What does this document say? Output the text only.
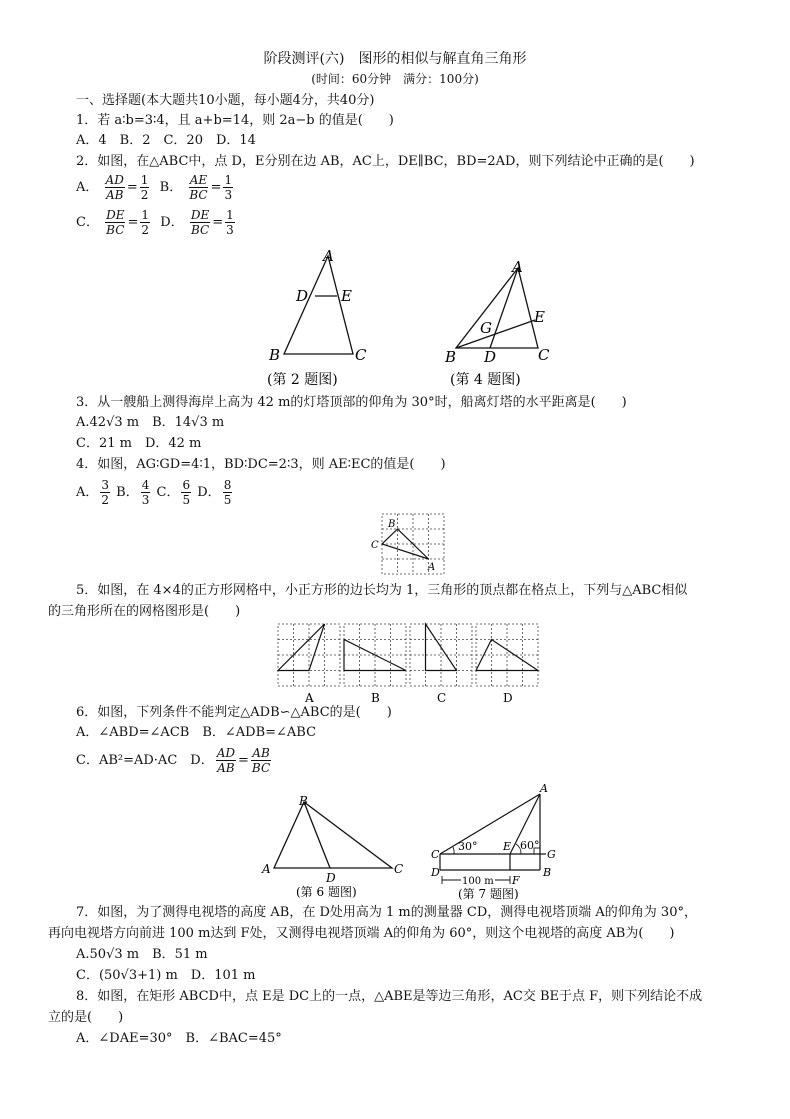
阶段测评(六)　图形的相似与解直角三角形
(时间：60分钟　满分：100分)
一、选择题(本大题共10小题，每小题4分，共40分)
1．若 a∶b=3∶4，且 a+b=14，则 2a−b 的值是(　　)
A．4　B．2　C．20　D．14
2．如图，在△ABC中，点 D，E分别在边 AB，AC上，DE∥BC，BD=2AD，则下列结论中正确的是(　　)
A． $\frac{AD}{AB} = \frac{1}{2}$ B． $\frac{AE}{BC} = \frac{1}{3}$
C． $\frac{DE}{BC} = \frac{1}{2}$ D． $\frac{DE}{BC} = \frac{1}{3}$
A
D E
B	C
(第 2 题图)
A
G
E
B D	C
(第 4 题图)
3．从一艘船上测得海岸上高为 42 m的灯塔顶部的仰角为 30°时，船离灯塔的水平距离是(　　)
A.42√3 m　B．14√3 m
C．21 m　D．42 m
4．如图，AG∶GD=4∶1，BD∶DC=2∶3，则 AE∶EC的值是(　　)
A． $\frac{3}{2}$ B． $\frac{4}{3}$ C． $\frac{6}{5}$ D． $\frac{8}{5}$
B
C
A
5．如图，在 4×4的正方形网格中，小正方形的边长均为 1，三角形的顶点都在格点上，下列与△ABC相似
的三角形所在的网格图形是(　　)
A	B	C	D
6．如图，下列条件不能判定△ADB∽△ABC的是(　　)
A．∠ABD=∠ACB　B．∠ADB=∠ABC
C．AB²=AD·AC　D． $\frac{AD}{AB} = \frac{AB}{BC}$
B
A
D
C
(第 6 题图)
A
C
30° E 60°
G
D	B
100 m F
(第 7 题图)
7．如图，为了测得电视塔的高度 AB，在 D处用高为 1 m的测量器 CD，测得电视塔顶端 A的仰角为 30°，
再向电视塔方向前进 100 m达到 F处，又测得电视塔顶端 A的仰角为 60°，则这个电视塔的高度 AB为(　　)
A.50√3 m　B．51 m
C．(50√3+1) m　D．101 m
8．如图，在矩形 ABCD中，点 E是 DC上的一点，△ABE是等边三角形，AC交 BE于点 F，则下列结论不成
立的是(　　)
A．∠DAE=30°　B．∠BAC=45°
